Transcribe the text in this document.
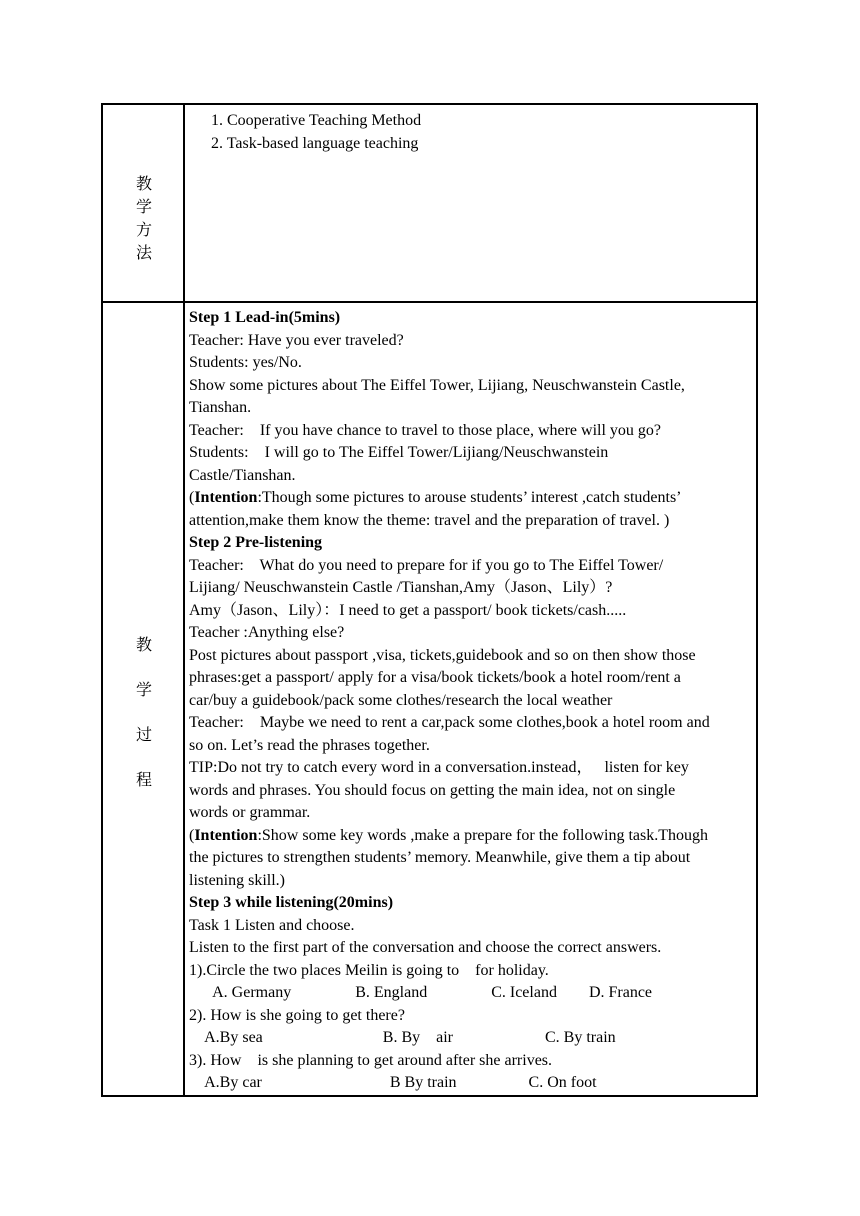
教
学
方
法
1. Cooperative Teaching Method
2. Task-based language teaching
教
学
过
程
Step 1 Lead-in(5mins)
Teacher: Have you ever traveled?
Students: yes/No.
Show some pictures about The Eiffel Tower, Lijiang, Neuschwanstein Castle,
Tianshan.
Teacher:    If you have chance to travel to those place, where will you go?
Students:    I will go to The Eiffel Tower/Lijiang/Neuschwanstein
Castle/Tianshan.
(Intention:Though some pictures to arouse students’ interest ,catch students’
attention,make them know the theme: travel and the preparation of travel. )
Step 2 Pre-listening
Teacher:    What do you need to prepare for if you go to The Eiffel Tower/
Lijiang/ Neuschwanstein Castle /Tianshan,Amy（Jason、Lily）?
Amy（Jason、Lily）：I need to get a passport/ book tickets/cash.....
Teacher :Anything else?
Post pictures about passport ,visa, tickets,guidebook and so on then show those
phrases:get a passport/ apply for a visa/book tickets/book a hotel room/rent a
car/buy a guidebook/pack some clothes/research the local weather
Teacher:    Maybe we need to rent a car,pack some clothes,book a hotel room and
so on. Let’s read the phrases together.
TIP:Do not try to catch every word in a conversation.instead，   listen for key
words and phrases. You should focus on getting the main idea, not on single
words or grammar.
(Intention:Show some key words ,make a prepare for the following task.Though
the pictures to strengthen students’ memory. Meanwhile, give them a tip about
listening skill.)
Step 3 while listening(20mins)
Task 1 Listen and choose.
Listen to the first part of the conversation and choose the correct answers.
1).Circle the two places Meilin is going to    for holiday.
A. Germany                B. England                C. Iceland        D. France
2). How is she going to get there?
A.By sea                              B. By    air                       C. By train
3). How    is she planning to get around after she arrives.
A.By car                                B By train                  C. On foot
